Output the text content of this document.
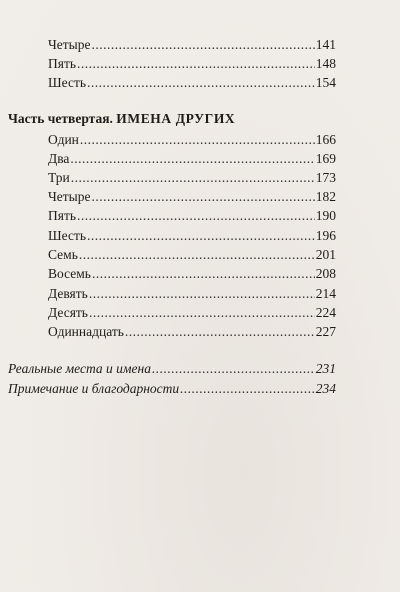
Четыре .....	141
Пять .....	148
Шесть .....	154
Часть четвертая. ИМЕНА ДРУГИХ
Один .....	166
Два .....	169
Три .....	173
Четыре .....	182
Пять .....	190
Шесть .....	196
Семь .....	201
Восемь .....	208
Девять .....	214
Десять .....	224
Одиннадцать .....	227
Реальные места и имена .....	231
Примечание и благодарности .....	234
